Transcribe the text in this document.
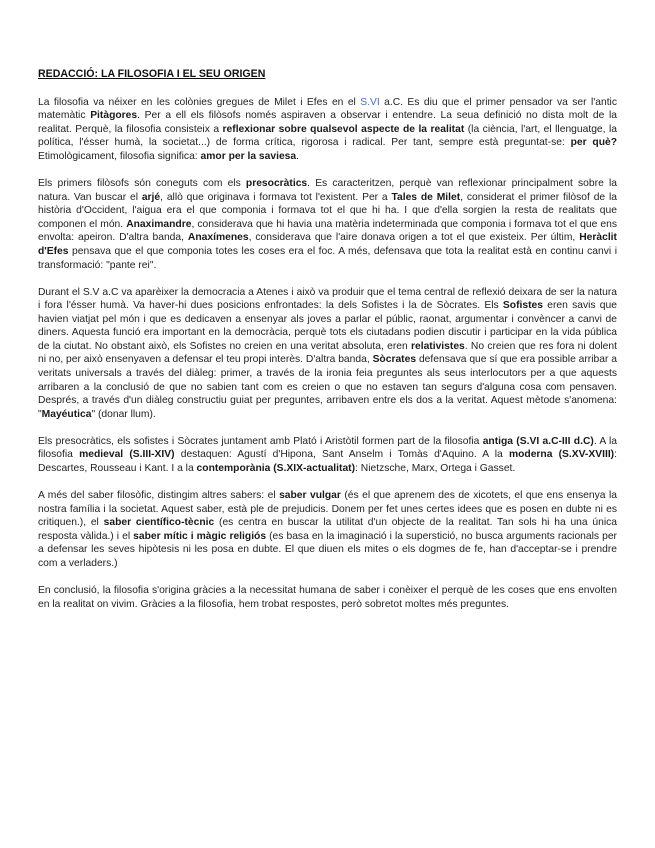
REDACCIÓ: LA FILOSOFIA I EL SEU ORIGEN

La filosofia va néixer en les colònies gregues de Milet i Efes en el S.VI a.C. Es diu que el primer pensador va ser l'antic matemàtic Pitàgores. Per a ell els filòsofs només aspiraven a observar i entendre. La seua definició no dista molt de la realitat. Perquè, la filosofia consisteix a reflexionar sobre qualsevol aspecte de la realitat (la ciència, l'art, el llenguatge, la política, l'ésser humà, la societat...) de forma crítica, rigorosa i radical. Per tant, sempre està preguntat-se: per què? Etimològicament, filosofia significa: amor per la saviesa.

Els primers filòsofs són coneguts com els presocràtics. Es caracteritzen, perquè van reflexionar principalment sobre la natura. Van buscar el arjé, allò que originava i formava tot l'existent. Per a Tales de Milet, considerat el primer filòsof de la història d'Occident, l'aigua era el que componia i formava tot el que hi ha. I que d'ella sorgien la resta de realitats que componen el món. Anaximandre, considerava que hi havia una matèria indeterminada que componia i formava tot el que ens envolta: apeiron. D'altra banda, Anaxímenes, considerava que l'aire donava origen a tot el que existeix. Per últim, Heràclit d'Efes pensava que el que componia totes les coses era el foc. A més, defensava que tota la realitat està en continu canvi i transformació: "pante rei".

Durant el S.V a.C va aparèixer la democracia a Atenes i això va produir que el tema central de reflexió deixara de ser la natura i fora l'ésser humà. Va haver-hi dues posicions enfrontades: la dels Sofistes i la de Sòcrates. Els Sofistes eren savis que havien viatjat pel món i que es dedicaven a ensenyar als joves a parlar el públic, raonat, argumentar i convèncer a canvi de diners. Aquesta funció era important en la democràcia, perquè tots els ciutadans podien discutir i participar en la vida pública de la ciutat. No obstant això, els Sofistes no creien en una veritat absoluta, eren relativistes. No creien que res fora ni dolent ni no, per això ensenyaven a defensar el teu propi interès. D'altra banda, Sòcrates defensava que sí que era possible arribar a veritats universals a través del diàleg: primer, a través de la ironia feia preguntes als seus interlocutors per a que aquests arribaren a la conclusió de que no sabien tant com es creien o que no estaven tan segurs d'alguna cosa com pensaven. Després, a través d'un diàleg constructiu guiat per preguntes, arribaven entre els dos a la veritat. Aquest mètode s'anomena: "Mayéutica" (donar llum).

Els presocràtics, els sofistes i Sòcrates juntament amb Plató i Aristòtil formen part de la filosofia antiga (S.VI a.C-III d.C). A la filosofia medieval (S.III-XIV) destaquen: Agustí d'Hipona, Sant Anselm i Tomàs d'Aquino. A la moderna (S.XV-XVIII): Descartes, Rousseau i Kant. I a la contemporània (S.XIX-actualitat): Nietzsche, Marx, Ortega i Gasset.

A més del saber filosòfic, distingim altres sabers: el saber vulgar (és el que aprenem des de xicotets, el que ens ensenya la nostra família i la societat. Aquest saber, està ple de prejudicis. Donem per fet unes certes idees que es posen en dubte ni es critiquen.), el saber científico-tècnic (es centra en buscar la utilitat d'un objecte de la realitat. Tan sols hi ha una única resposta vàlida.) i el saber mític i màgic religiós (es basa en la imaginació i la superstició, no busca arguments racionals per a defensar les seves hipòtesis ni les posa en dubte. El que diuen els mites o els dogmes de fe, han d'acceptar-se i prendre com a verladers.)

En conclusió, la filosofia s'origina gràcies a la necessitat humana de saber i conèixer el perquè de les coses que ens envolten en la realitat on vivim. Gràcies a la filosofia, hem trobat respostes, però sobretot moltes més preguntes.
